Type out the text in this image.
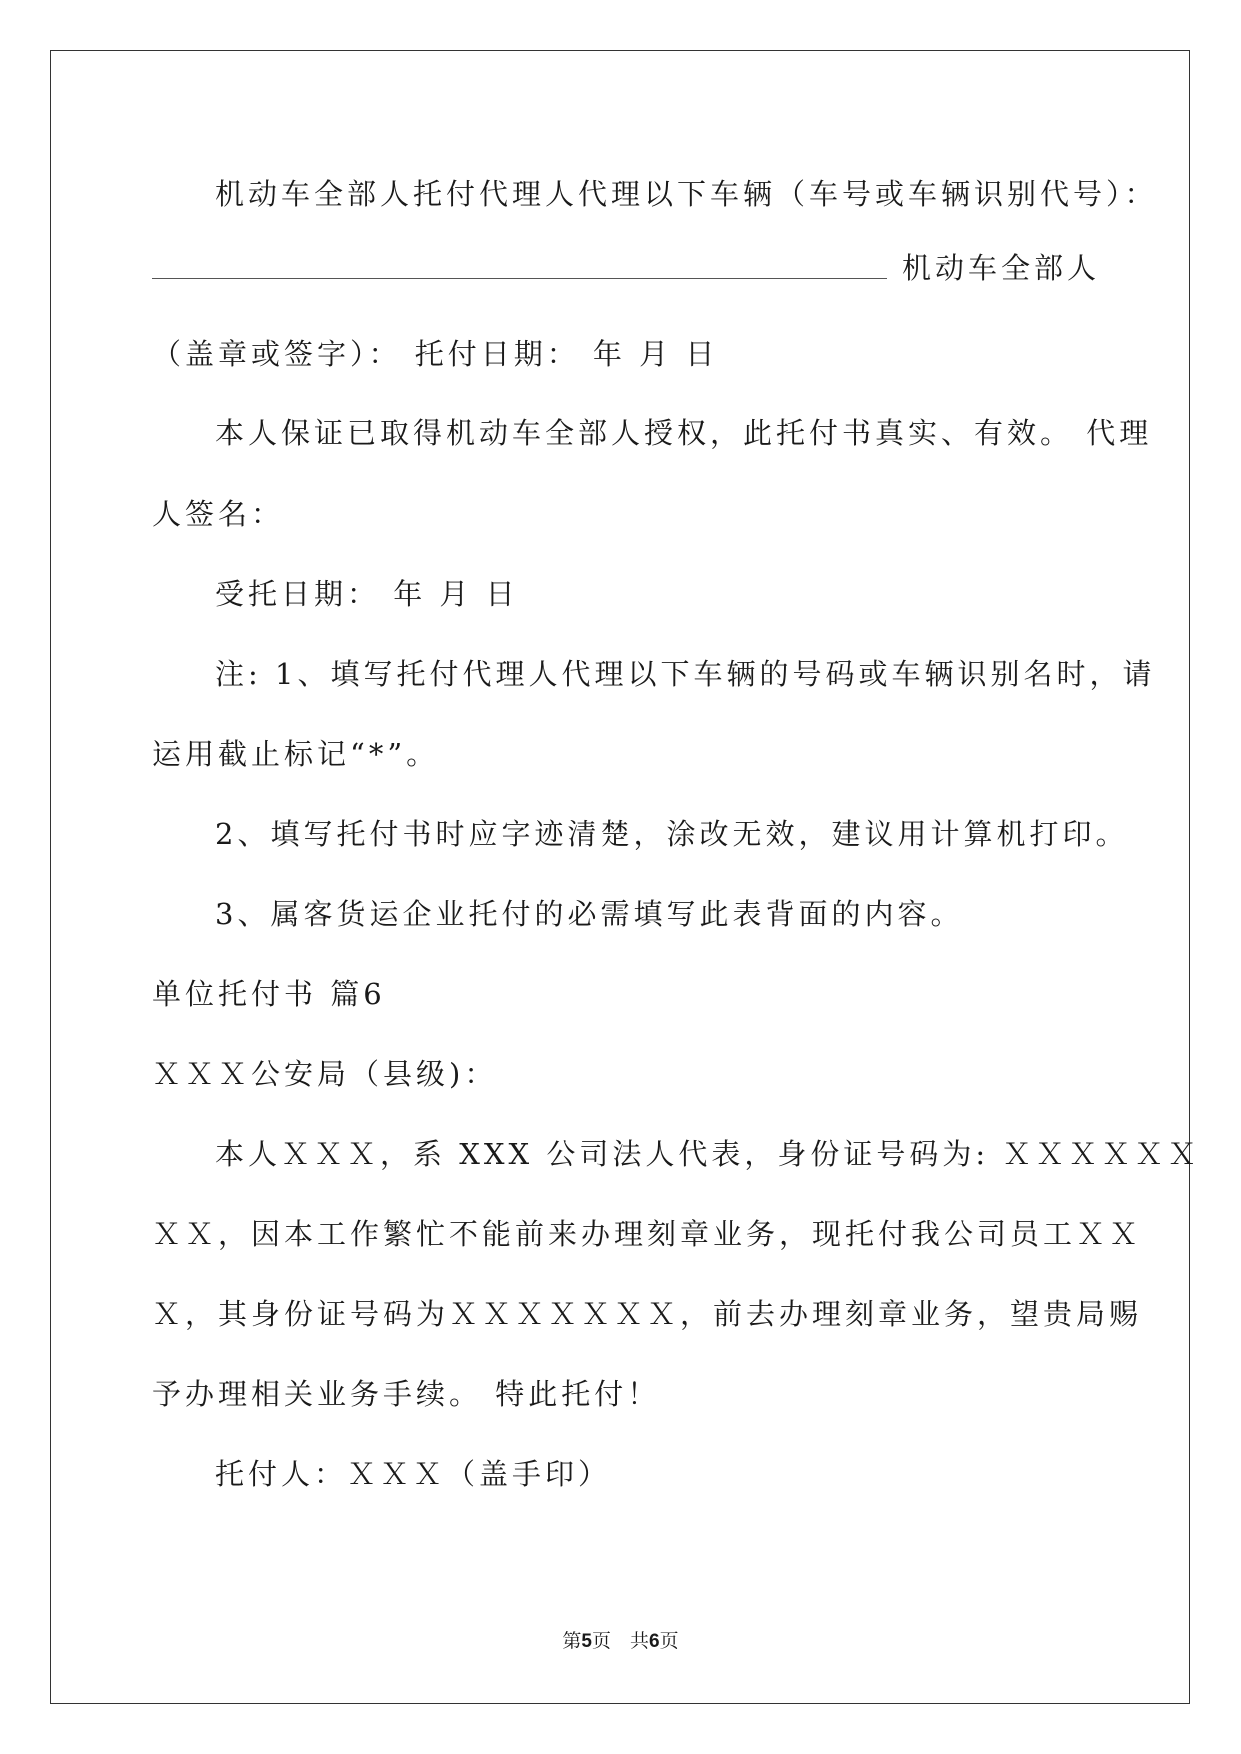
机动车全部人托付代理人代理以下车辆（车号或车辆识别代号）：
机动车全部人
（盖章或签字）： 托付日期： 年 月 日
本人保证已取得机动车全部人授权，此托付书真实、有效。 代理
人签名：
受托日期： 年 月 日
注: 1、填写托付代理人代理以下车辆的号码或车辆识别名时，请
运用截止标记“*”。
2、填写托付书时应字迹清楚，涂改无效，建议用计算机打印。
3、属客货运企业托付的必需填写此表背面的内容。
单位托付书 篇6
ＸＸＸ公安局（县级)：
本人ＸＸＸ，系 XXX 公司法人代表，身份证号码为: ＸＸＸＸＸＸ
ＸＸ，因本工作繁忙不能前来办理刻章业务，现托付我公司员工ＸＸ
Ｘ，其身份证号码为ＸＸＸＸＸＸＸ，前去办理刻章业务，望贵局赐
予办理相关业务手续。 特此托付！
托付人：ＸＸＸ（盖手印）
第5页　共6页
